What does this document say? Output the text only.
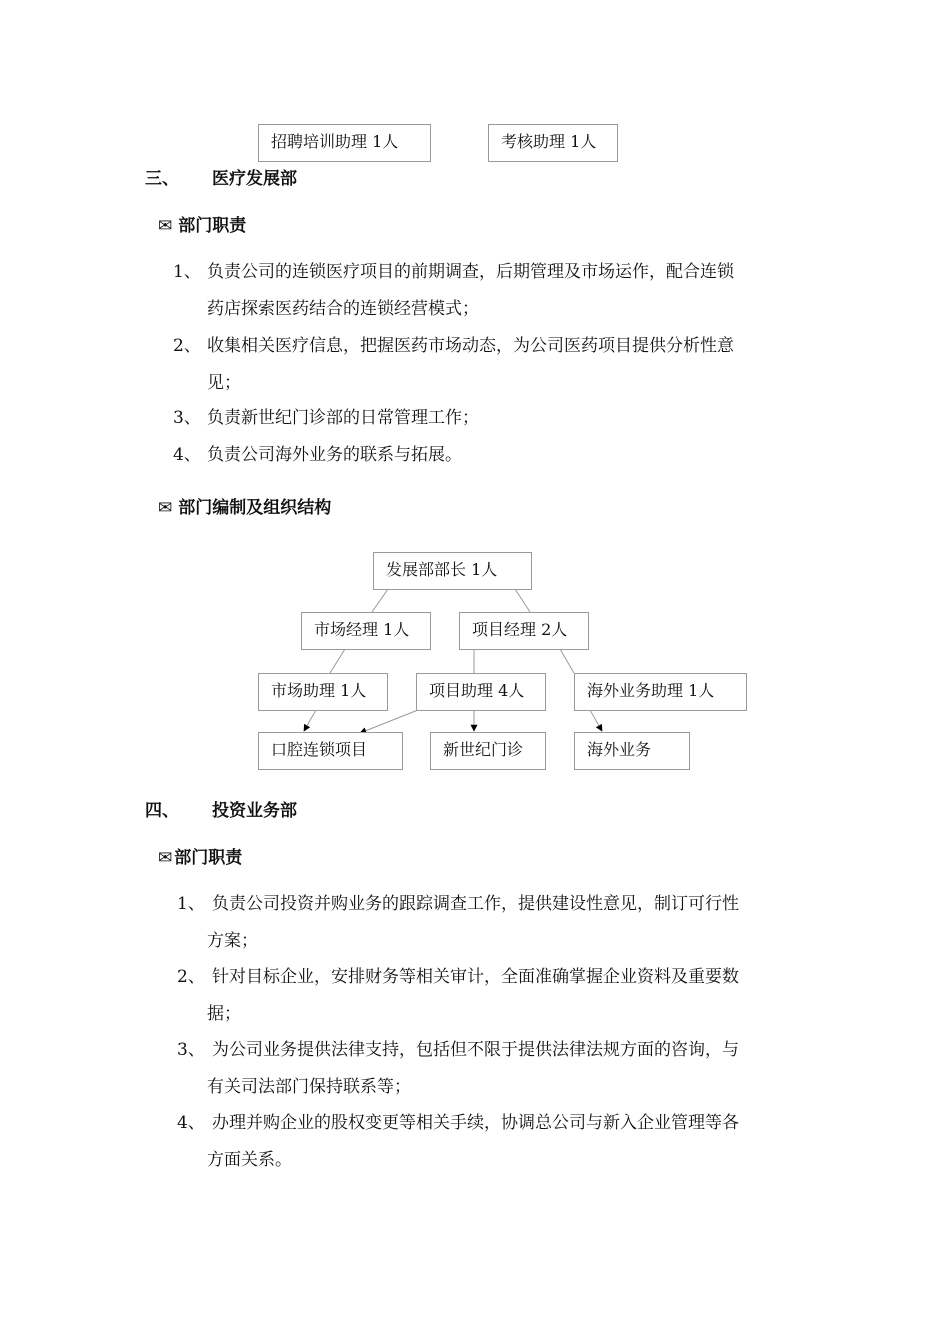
招聘培训助理 1人	考核助理 1人
三、 医疗发展部
✉ 部门职责
1、 负责公司的连锁医疗项目的前期调查，后期管理及市场运作，配合连锁
药店探索医药结合的连锁经营模式；
2、 收集相关医疗信息，把握医药市场动态，为公司医药项目提供分析性意
见；
3、 负责新世纪门诊部的日常管理工作；
4、 负责公司海外业务的联系与拓展。
✉ 部门编制及组织结构
发展部部长 1人
市场经理 1人	项目经理 2人
市场助理 1人	项目助理 4人	海外业务助理 1人
口腔连锁项目	新世纪门诊	海外业务
四、 投资业务部
✉ 部门职责
1、 负责公司投资并购业务的跟踪调查工作，提供建设性意见，制订可行性
方案；
2、 针对目标企业，安排财务等相关审计，全面准确掌握企业资料及重要数
据；
3、 为公司业务提供法律支持，包括但不限于提供法律法规方面的咨询，与
有关司法部门保持联系等；
4、 办理并购企业的股权变更等相关手续，协调总公司与新入企业管理等各
方面关系。
